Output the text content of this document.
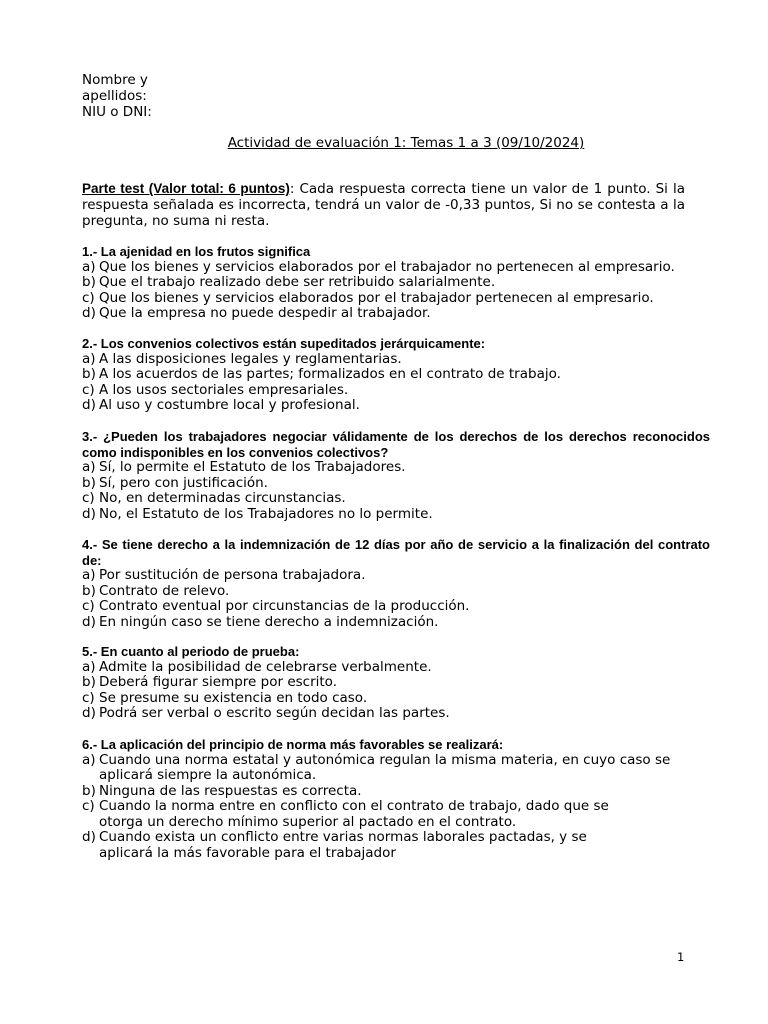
Nombre y
apellidos:
NIU o DNI:
Actividad de evaluación 1: Temas 1 a 3 (09/10/2024)
Parte test (Valor total: 6 puntos): Cada respuesta correcta tiene un valor de 1 punto. Si la respuesta señalada es incorrecta, tendrá un valor de -0,33 puntos, Si no se contesta a la pregunta, no suma ni resta.
1.- La ajenidad en los frutos significa
a) Que los bienes y servicios elaborados por el trabajador no pertenecen al empresario.
b) Que el trabajo realizado debe ser retribuido salarialmente.
c) Que los bienes y servicios elaborados por el trabajador pertenecen al empresario.
d) Que la empresa no puede despedir al trabajador.
2.- Los convenios colectivos están supeditados jerárquicamente:
a) A las disposiciones legales y reglamentarias.
b) A los acuerdos de las partes; formalizados en el contrato de trabajo.
c) A los usos sectoriales empresariales.
d) Al uso y costumbre local y profesional.
3.- ¿Pueden los trabajadores negociar válidamente de los derechos de los derechos reconocidos como indisponibles en los convenios colectivos?
a) Sí, lo permite el Estatuto de los Trabajadores.
b) Sí, pero con justificación.
c) No, en determinadas circunstancias.
d) No, el Estatuto de los Trabajadores no lo permite.
4.- Se tiene derecho a la indemnización de 12 días por año de servicio a la finalización del contrato de:
a) Por sustitución de persona trabajadora.
b) Contrato de relevo.
c) Contrato eventual por circunstancias de la producción.
d) En ningún caso se tiene derecho a indemnización.
5.- En cuanto al periodo de prueba:
a) Admite la posibilidad de celebrarse verbalmente.
b) Deberá figurar siempre por escrito.
c) Se presume su existencia en todo caso.
d) Podrá ser verbal o escrito según decidan las partes.
6.- La aplicación del principio de norma más favorables se realizará:
a) Cuando una norma estatal y autonómica regulan la misma materia, en cuyo caso se aplicará siempre la autonómica.
b) Ninguna de las respuestas es correcta.
c) Cuando la norma entre en conflicto con el contrato de trabajo, dado que se otorga un derecho mínimo superior al pactado en el contrato.
d) Cuando exista un conflicto entre varias normas laborales pactadas, y se aplicará la más favorable para el trabajador
1
